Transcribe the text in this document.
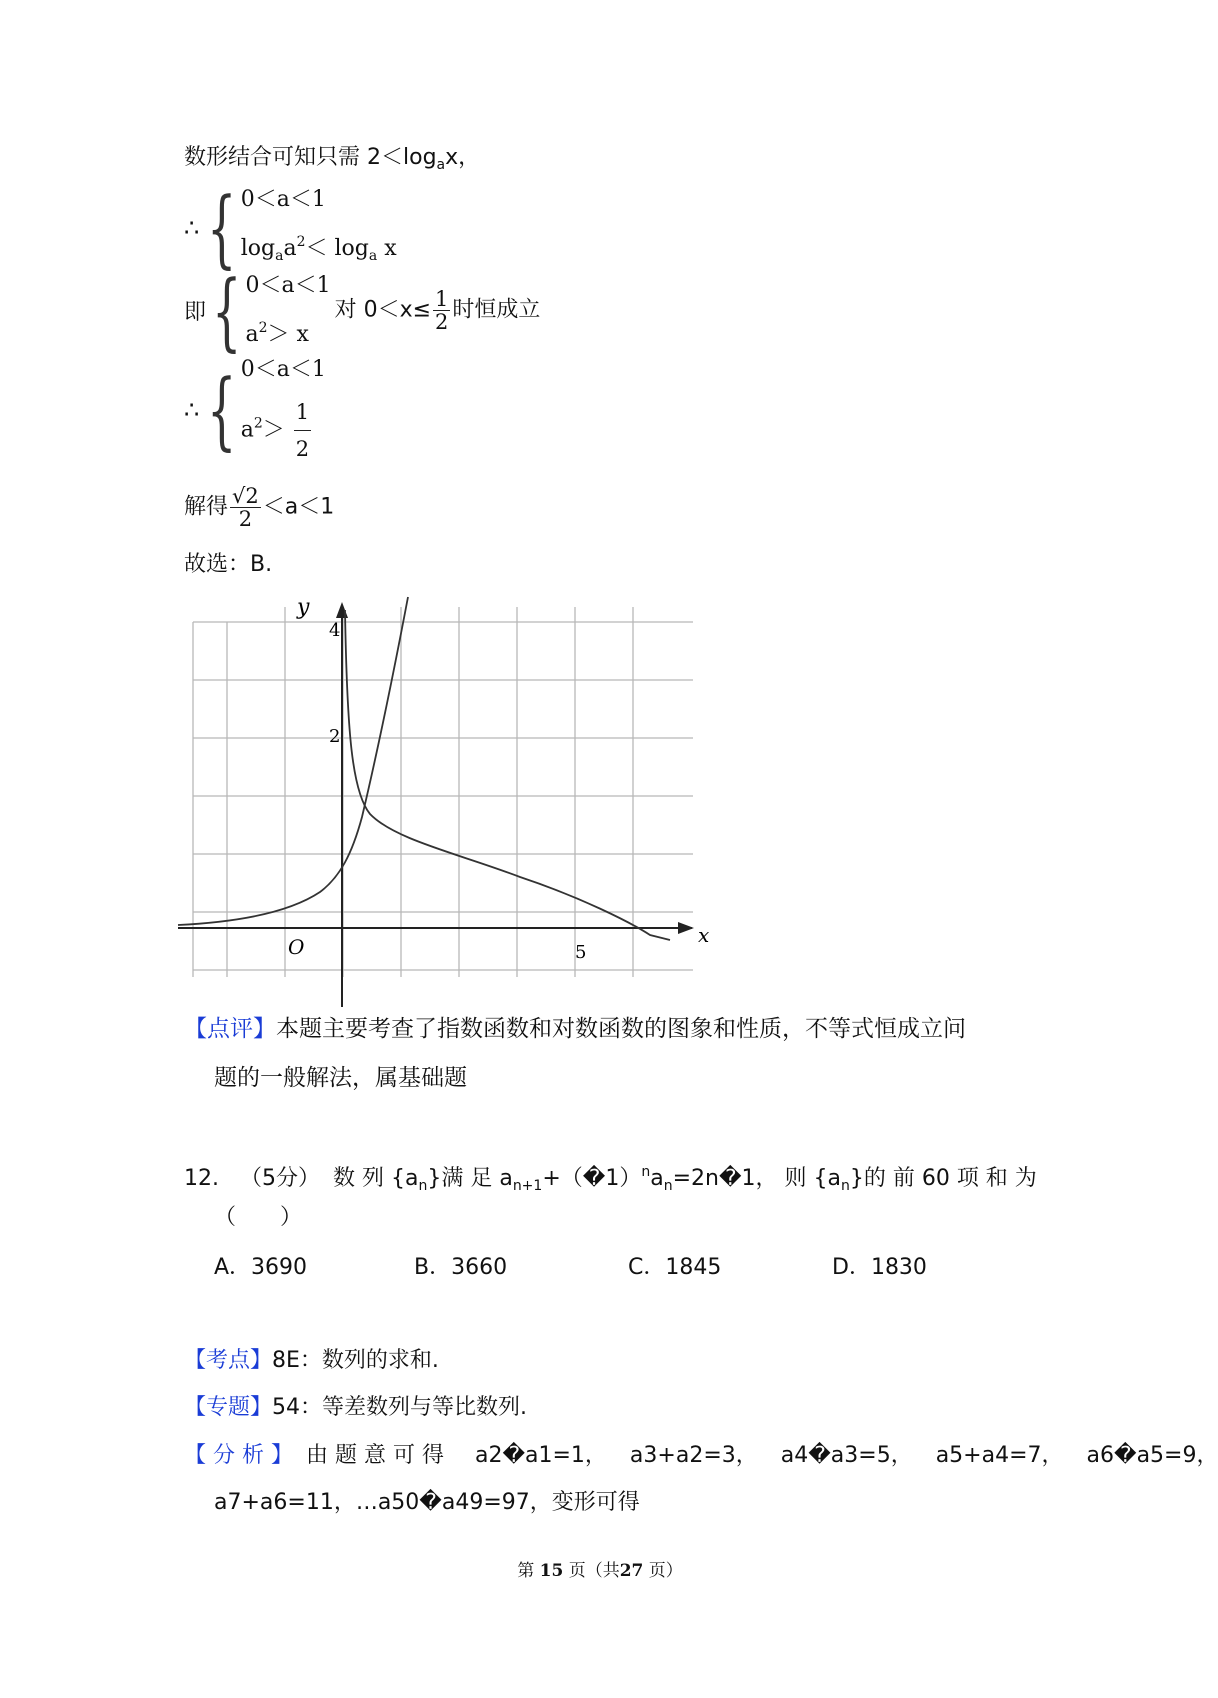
数形结合可知只需 $2<\log_ax$，
∴ { 0＜a＜1
$\log_aa^2< \log_a x$
即 { 0＜a＜1
$a^2> x$
对 $0<x\le \frac{1}{2}$ 时恒成立
∴ { 0＜a＜1
$a^2> \frac{1}{2}$
解得 $\frac{√2}{2} <a<1$
故选：B.
y
x
O
4
2
5
【点评】本题主要考查了指数函数和对数函数的图象和性质，不等式恒成立问
题的一般解法，属基础题
12. （5分） 数 列 $\{a_n\}$满 足 $a_{n+1}+(�1)^na_n=2n�1$， 则 $\{a_n\}$的 前 60 项 和 为
（　　）
A．3690	B．3660	C．1845	D．1830
【考点】8E：数列的求和.
【专题】54：等差数列与等比数列.
【 分 析 】 由 题 意 可 得 a2�a1=1， a3+a2=3， a4�a3=5， a5+a4=7， a6�a5=9，
a7+a6=11，…a50�a49=97，变形可得
第 15 页（共27 页）
